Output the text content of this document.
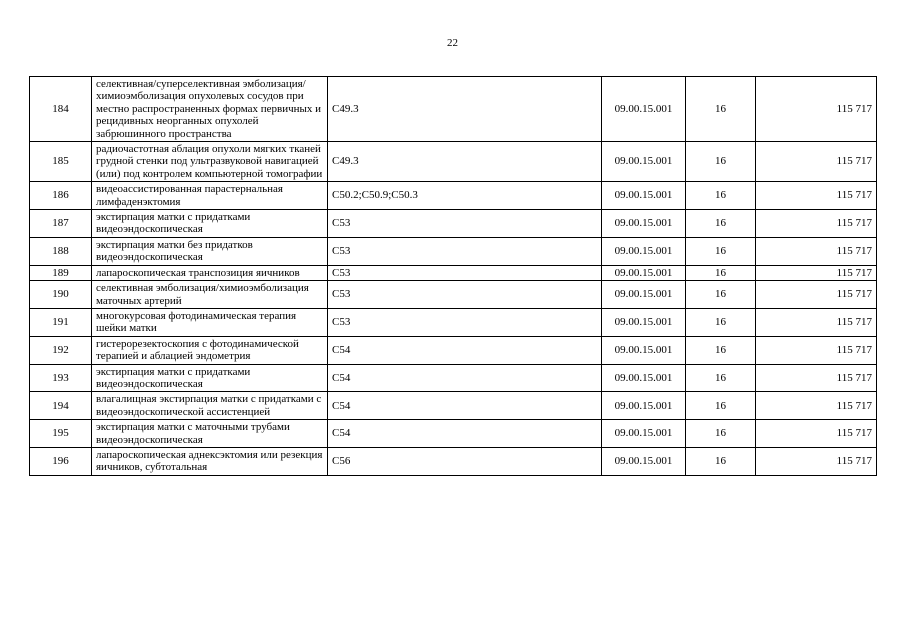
22
184	селективная/суперселективная эмболизация/химиоэмболизация опухолевых сосудов при местно распространенных формах первичных и рецидивных неорганных опухолей забрюшинного пространства	C49.3	09.00.15.001	16	115 717
185	радиочастотная аблация опухоли мягких тканей грудной стенки под ультразвуковой навигацией (или) под контролем компьютерной томографии	C49.3	09.00.15.001	16	115 717
186	видеоассистированная парастернальная лимфаденэктомия	C50.2;C50.9;C50.3	09.00.15.001	16	115 717
187	экстирпация матки с придатками видеоэндоскопическая	C53	09.00.15.001	16	115 717
188	экстирпация матки без придатков видеоэндоскопическая	C53	09.00.15.001	16	115 717
189	лапароскопическая транспозиция яичников	C53	09.00.15.001	16	115 717
190	селективная эмболизация/химиоэмболизация маточных артерий	C53	09.00.15.001	16	115 717
191	многокурсовая фотодинамическая терапия шейки матки	C53	09.00.15.001	16	115 717
192	гистерорезектоскопия с фотодинамической терапией и аблацией эндометрия	C54	09.00.15.001	16	115 717
193	экстирпация матки с придатками видеоэндоскопическая	C54	09.00.15.001	16	115 717
194	влагалищная экстирпация матки с придатками с видеоэндоскопической ассистенцией	C54	09.00.15.001	16	115 717
195	экстирпация матки с маточными трубами видеоэндоскопическая	C54	09.00.15.001	16	115 717
196	лапароскопическая аднексэктомия или резекция яичников, субтотальная	C56	09.00.15.001	16	115 717
